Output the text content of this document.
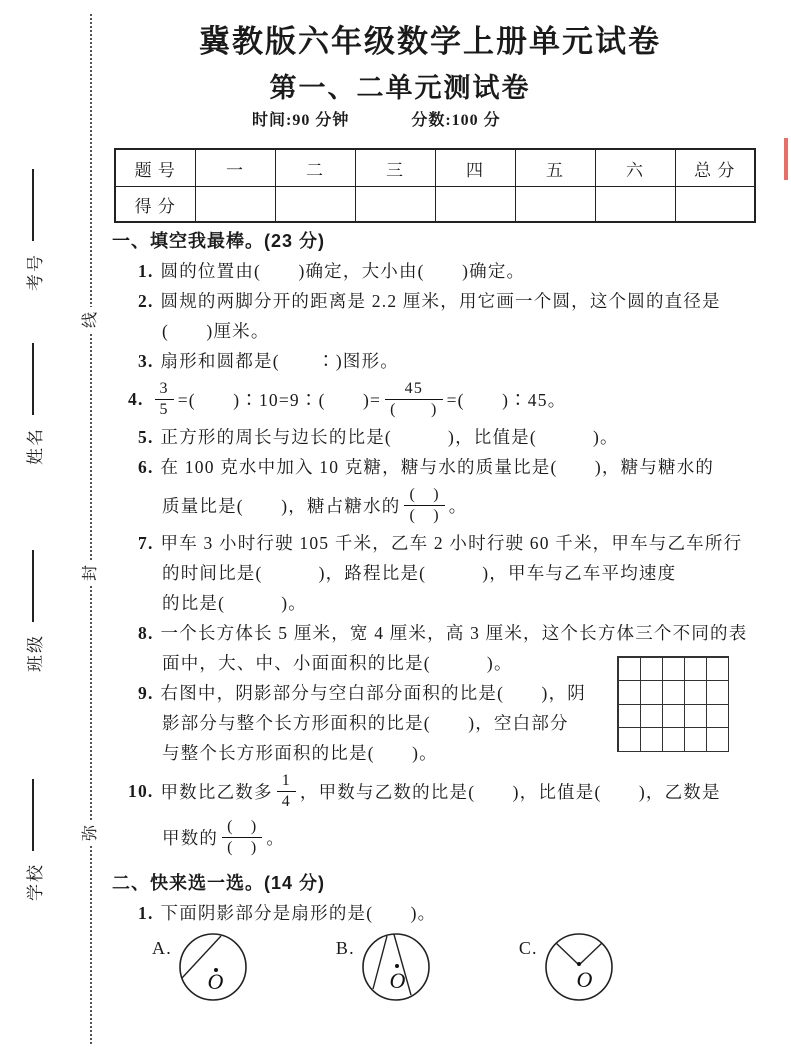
考号
姓名
班级
学校
线
封
弥
冀教版六年级数学上册单元试卷
第一、二单元测试卷
时间:90 分钟	分数:100 分
题 号	一	二	三	四	五	六	总 分
得 分							
一、填空我最棒。(23 分)
1. 圆的位置由(　　)确定，大小由(　　)确定。
2. 圆规的两脚分开的距离是 2.2 厘米，用它画一个圆，这个圆的直径是
(　　)厘米。
3. 扇形和圆都是(　　∶)图形。
4. $\frac{3}{5}$ =(　　)∶10=9∶(　　)= $\frac{45}{( )}$ =(　　)∶45。
5. 正方形的周长与边长的比是(　　　)，比值是(　　　)。
6. 在 100 克水中加入 10 克糖，糖与水的质量比是(　　)，糖与糖水的
质量比是(　　)，糖占糖水的 $\frac{( )}{( )}$ 。
7. 甲车 3 小时行驶 105 千米，乙车 2 小时行驶 60 千米，甲车与乙车所行
的时间比是(　　　)，路程比是(　　　)，甲车与乙车平均速度
的比是(　　　)。
8. 一个长方体长 5 厘米，宽 4 厘米，高 3 厘米，这个长方体三个不同的表
面中，大、中、小面面积的比是(　　　)。
9. 右图中，阴影部分与空白部分面积的比是(　　)，阴
影部分与整个长方形面积的比是(　　)，空白部分
与整个长方形面积的比是(　　)。
10. 甲数比乙数多 $\frac{1}{4}$ ，甲数与乙数的比是(　　)，比值是(　　)，乙数是
甲数的 $\frac{( )}{( )}$ 。
二、快来选一选。(14 分)
1. 下面阴影部分是扇形的是(　　)。
A.
O
B.
O
C.
O
